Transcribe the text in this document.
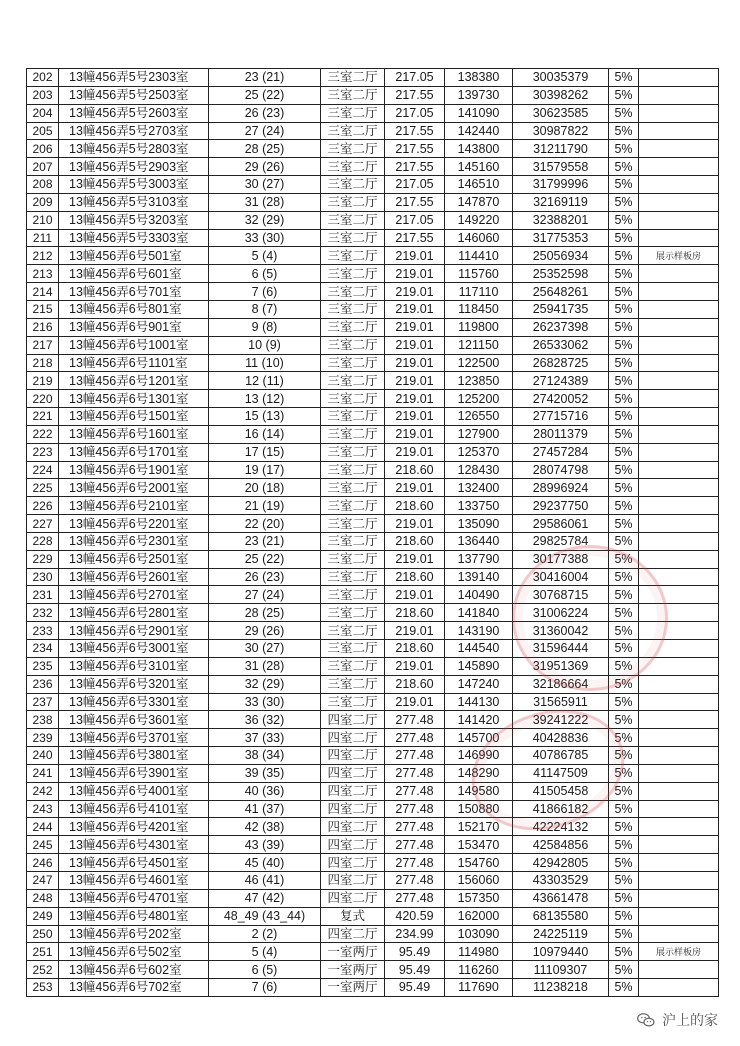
202	13幢456弄5号2303室	23 (21)	三室二厅	217.05	138380	30035379	5%	
203	13幢456弄5号2503室	25 (22)	三室二厅	217.55	139730	30398262	5%	
204	13幢456弄5号2603室	26 (23)	三室二厅	217.05	141090	30623585	5%	
205	13幢456弄5号2703室	27 (24)	三室二厅	217.55	142440	30987822	5%	
206	13幢456弄5号2803室	28 (25)	三室二厅	217.55	143800	31211790	5%	
207	13幢456弄5号2903室	29 (26)	三室二厅	217.55	145160	31579558	5%	
208	13幢456弄5号3003室	30 (27)	三室二厅	217.05	146510	31799996	5%	
209	13幢456弄5号3103室	31 (28)	三室二厅	217.55	147870	32169119	5%	
210	13幢456弄5号3203室	32 (29)	三室二厅	217.05	149220	32388201	5%	
211	13幢456弄5号3303室	33 (30)	三室二厅	217.55	146060	31775353	5%	
212	13幢456弄6号501室	5 (4)	三室二厅	219.01	114410	25056934	5%	展示样板房
213	13幢456弄6号601室	6 (5)	三室二厅	219.01	115760	25352598	5%	
214	13幢456弄6号701室	7 (6)	三室二厅	219.01	117110	25648261	5%	
215	13幢456弄6号801室	8 (7)	三室二厅	219.01	118450	25941735	5%	
216	13幢456弄6号901室	9 (8)	三室二厅	219.01	119800	26237398	5%	
217	13幢456弄6号1001室	10 (9)	三室二厅	219.01	121150	26533062	5%	
218	13幢456弄6号1101室	11 (10)	三室二厅	219.01	122500	26828725	5%	
219	13幢456弄6号1201室	12 (11)	三室二厅	219.01	123850	27124389	5%	
220	13幢456弄6号1301室	13 (12)	三室二厅	219.01	125200	27420052	5%	
221	13幢456弄6号1501室	15 (13)	三室二厅	219.01	126550	27715716	5%	
222	13幢456弄6号1601室	16 (14)	三室二厅	219.01	127900	28011379	5%	
223	13幢456弄6号1701室	17 (15)	三室二厅	219.01	125370	27457284	5%	
224	13幢456弄6号1901室	19 (17)	三室二厅	218.60	128430	28074798	5%	
225	13幢456弄6号2001室	20 (18)	三室二厅	219.01	132400	28996924	5%	
226	13幢456弄6号2101室	21 (19)	三室二厅	218.60	133750	29237750	5%	
227	13幢456弄6号2201室	22 (20)	三室二厅	219.01	135090	29586061	5%	
228	13幢456弄6号2301室	23 (21)	三室二厅	218.60	136440	29825784	5%	
229	13幢456弄6号2501室	25 (22)	三室二厅	219.01	137790	30177388	5%	
230	13幢456弄6号2601室	26 (23)	三室二厅	218.60	139140	30416004	5%	
231	13幢456弄6号2701室	27 (24)	三室二厅	219.01	140490	30768715	5%	
232	13幢456弄6号2801室	28 (25)	三室二厅	218.60	141840	31006224	5%	
233	13幢456弄6号2901室	29 (26)	三室二厅	219.01	143190	31360042	5%	
234	13幢456弄6号3001室	30 (27)	三室二厅	218.60	144540	31596444	5%	
235	13幢456弄6号3101室	31 (28)	三室二厅	219.01	145890	31951369	5%	
236	13幢456弄6号3201室	32 (29)	三室二厅	218.60	147240	32186664	5%	
237	13幢456弄6号3301室	33 (30)	三室二厅	219.01	144130	31565911	5%	
238	13幢456弄6号3601室	36 (32)	四室二厅	277.48	141420	39241222	5%	
239	13幢456弄6号3701室	37 (33)	四室二厅	277.48	145700	40428836	5%	
240	13幢456弄6号3801室	38 (34)	四室二厅	277.48	146990	40786785	5%	
241	13幢456弄6号3901室	39 (35)	四室二厅	277.48	148290	41147509	5%	
242	13幢456弄6号4001室	40 (36)	四室二厅	277.48	149580	41505458	5%	
243	13幢456弄6号4101室	41 (37)	四室二厅	277.48	150880	41866182	5%	
244	13幢456弄6号4201室	42 (38)	四室二厅	277.48	152170	42224132	5%	
245	13幢456弄6号4301室	43 (39)	四室二厅	277.48	153470	42584856	5%	
246	13幢456弄6号4501室	45 (40)	四室二厅	277.48	154760	42942805	5%	
247	13幢456弄6号4601室	46 (41)	四室二厅	277.48	156060	43303529	5%	
248	13幢456弄6号4701室	47 (42)	四室二厅	277.48	157350	43661478	5%	
249	13幢456弄6号4801室	48_49 (43_44)	复式	420.59	162000	68135580	5%	
250	13幢456弄6号202室	2 (2)	四室二厅	234.99	103090	24225119	5%	
251	13幢456弄6号502室	5 (4)	一室两厅	95.49	114980	10979440	5%	展示样板房
252	13幢456弄6号602室	6 (5)	一室两厅	95.49	116260	11109307	5%	
253	13幢456弄6号702室	7 (6)	一室两厅	95.49	117690	11238218	5%	
沪上的家
